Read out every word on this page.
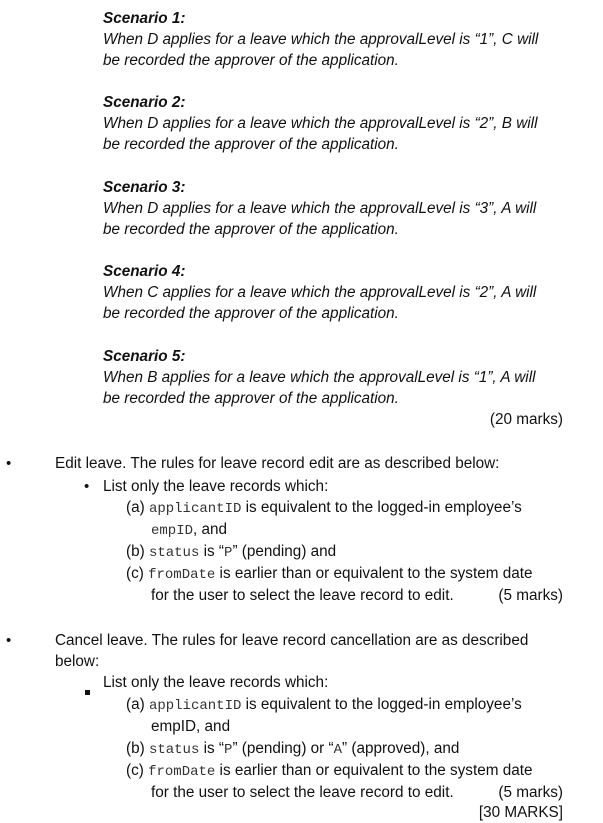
Scenario 1:
When D applies for a leave which the approvalLevel is “1”, C will
be recorded the approver of the application.
Scenario 2:
When D applies for a leave which the approvalLevel is “2”, B will
be recorded the approver of the application.
Scenario 3:
When D applies for a leave which the approvalLevel is “3”, A will
be recorded the approver of the application.
Scenario 4:
When C applies for a leave which the approvalLevel is “2”, A will
be recorded the approver of the application.
Scenario 5:
When B applies for a leave which the approvalLevel is “1”, A will
be recorded the approver of the application.
(20 marks)
•	Edit leave. The rules for leave record edit are as described below:
• List only the leave records which:
(a) applicantID is equivalent to the logged-in employee’s
empID, and
(b) status is “P” (pending) and
(c) fromDate is earlier than or equivalent to the system date
for the user to select the leave record to edit.	(5 marks)
•	Cancel leave. The rules for leave record cancellation are as described
below:
List only the leave records which:
(a) applicantID is equivalent to the logged-in employee’s
empID, and
(b) status is “P” (pending) or “A” (approved), and
(c) fromDate is earlier than or equivalent to the system date
for the user to select the leave record to edit.	(5 marks)
[30 MARKS]
